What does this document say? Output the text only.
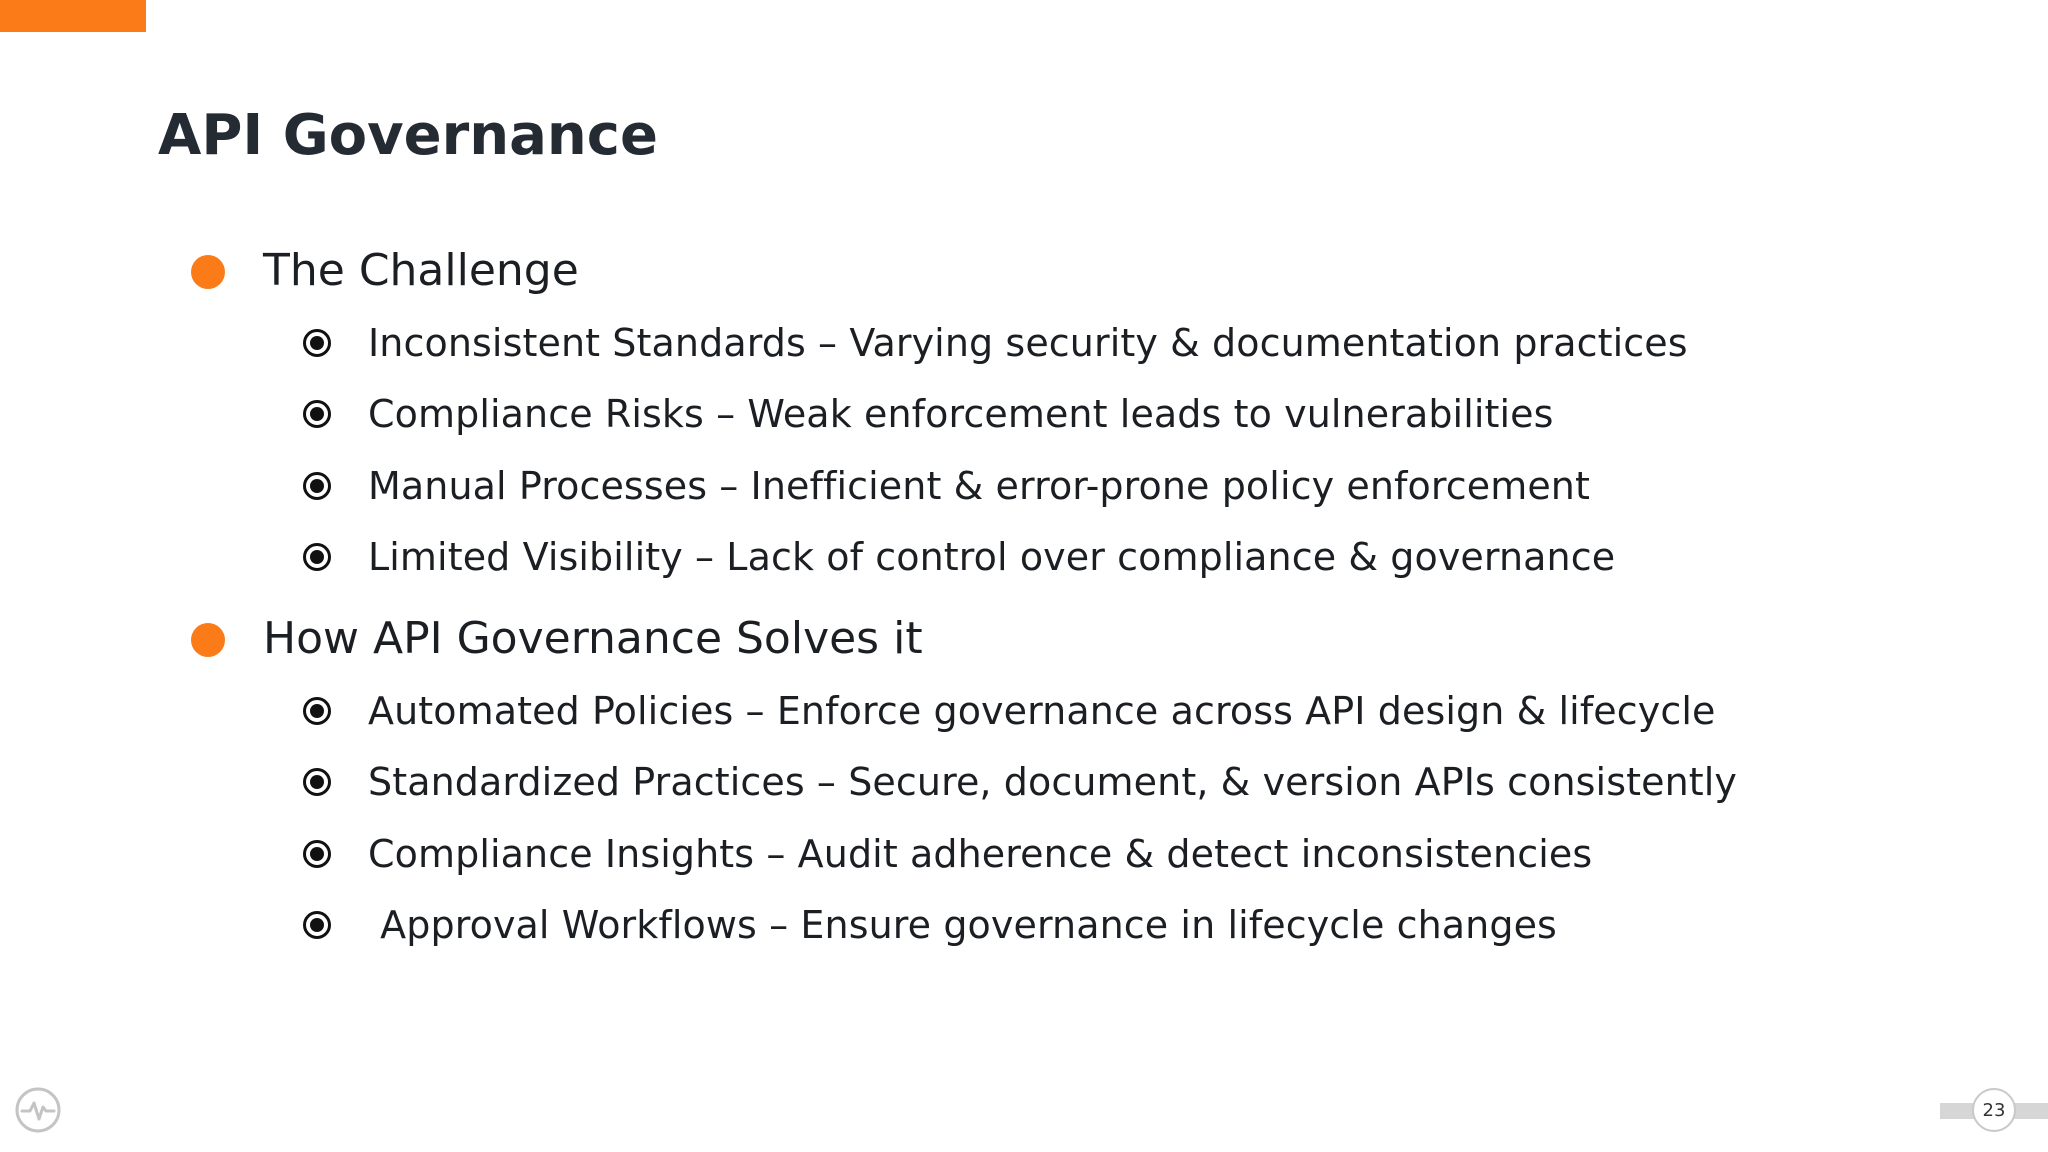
API Governance
The Challenge
Inconsistent Standards – Varying security & documentation practices
Compliance Risks – Weak enforcement leads to vulnerabilities
Manual Processes – Inefficient & error-prone policy enforcement
Limited Visibility – Lack of control over compliance & governance
How API Governance Solves it
Automated Policies – Enforce governance across API design & lifecycle
Standardized Practices – Secure, document, & version APIs consistently
Compliance Insights – Audit adherence & detect inconsistencies
Approval Workflows – Ensure governance in lifecycle changes
23
